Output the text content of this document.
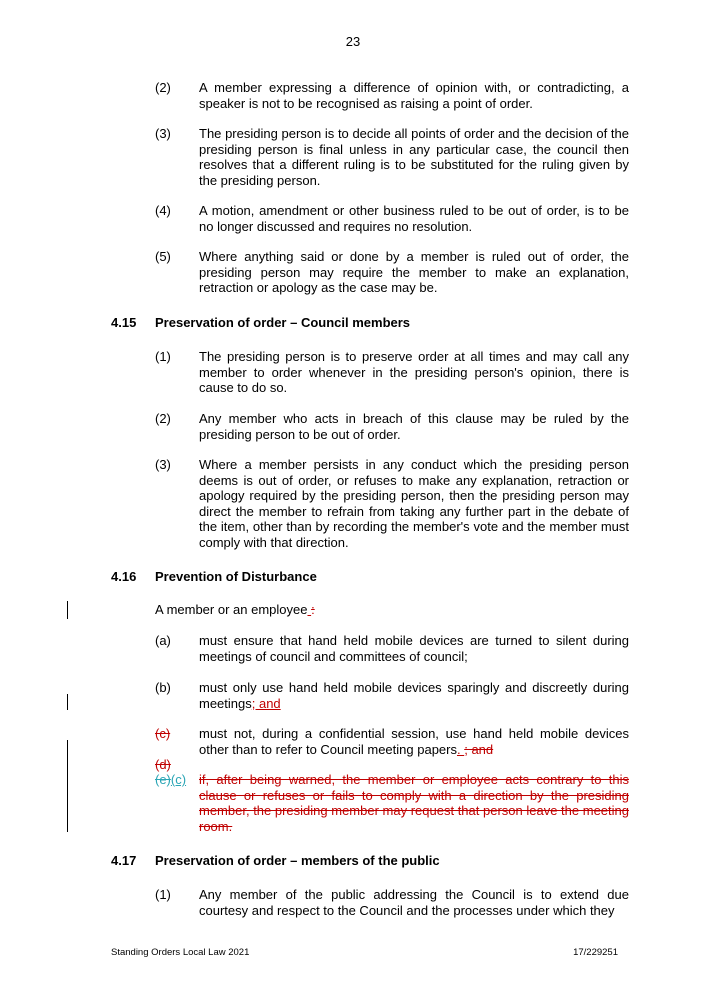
23
(2) A member expressing a difference of opinion with, or contradicting, a speaker is not to be recognised as raising a point of order.
(3) The presiding person is to decide all points of order and the decision of the presiding person is final unless in any particular case, the council then resolves that a different ruling is to be substituted for the ruling given by the presiding person.
(4) A motion, amendment or other business ruled to be out of order, is to be no longer discussed and requires no resolution.
(5) Where anything said or done by a member is ruled out of order, the presiding person may require the member to make an explanation, retraction or apology as the case may be.
4.15 Preservation of order – Council members
(1) The presiding person is to preserve order at all times and may call any member to order whenever in the presiding person's opinion, there is cause to do so.
(2) Any member who acts in breach of this clause may be ruled by the presiding person to be out of order.
(3) Where a member persists in any conduct which the presiding person deems is out of order, or refuses to make any explanation, retraction or apology required by the presiding person, then the presiding person may direct the member to refrain from taking any further part in the debate of the item, other than by recording the member's vote and the member must comply with that direction.
4.16 Prevention of Disturbance
A member or an employee :
(a) must ensure that hand held mobile devices are turned to silent during meetings of council and committees of council;
(b) must only use hand held mobile devices sparingly and discreetly during meetings; and
(c)	must not, during a confidential session, use hand held mobile devices other than to refer to Council meeting papers. ; and
(d)
(e)(c) if, after being warned, the member or employee acts contrary to this clause or refuses or fails to comply with a direction by the presiding member, the presiding member may request that person leave the meeting room.
4.17 Preservation of order – members of the public
(1) Any member of the public addressing the Council is to extend due courtesy and respect to the Council and the processes under which they
Standing Orders Local Law 2021	17/229251
